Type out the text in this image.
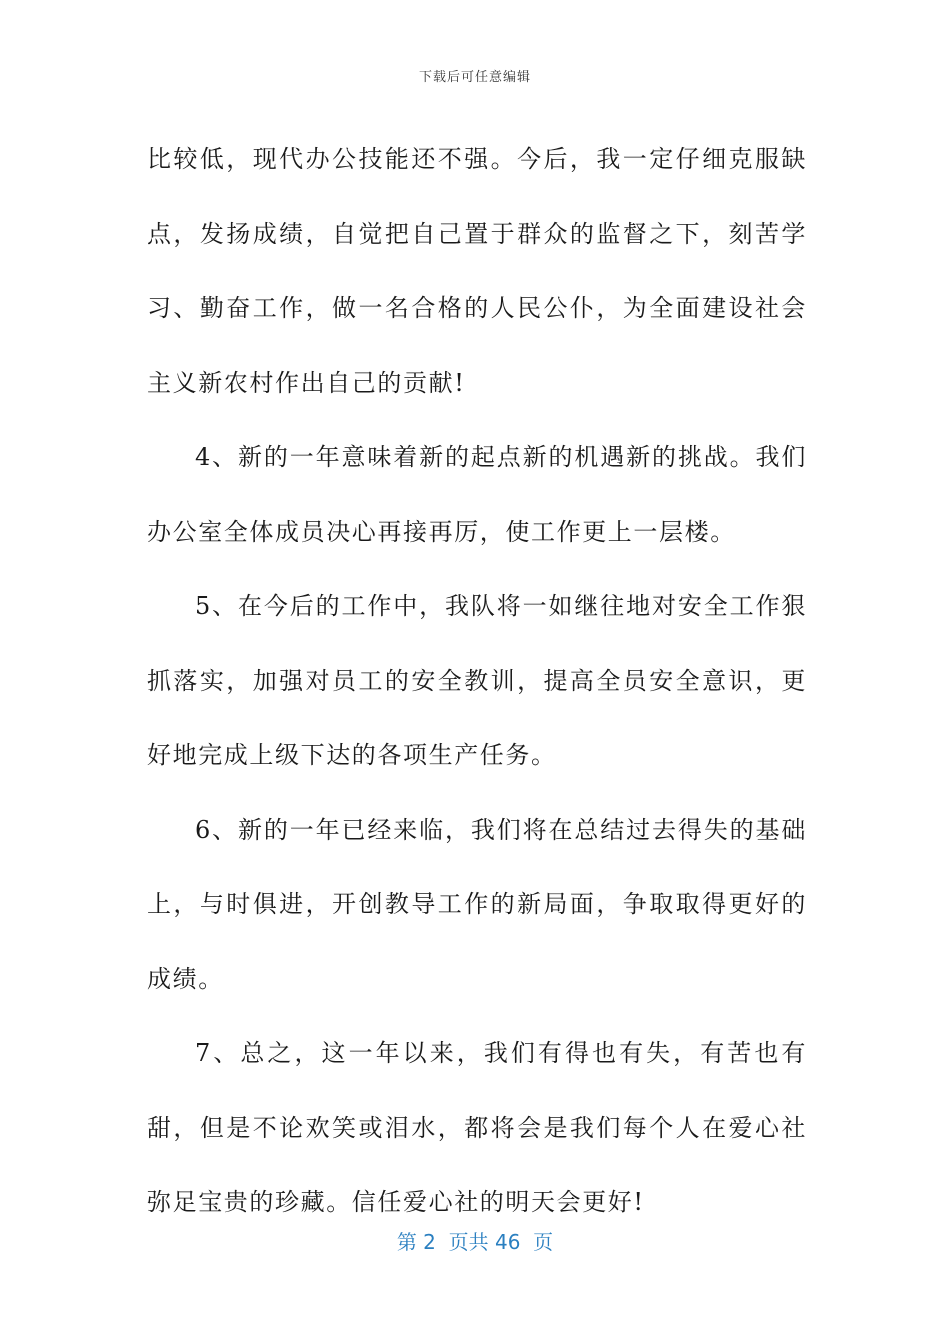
下载后可任意编辑

比较低，现代办公技能还不强。今后，我一定仔细克服缺点，发扬成绩，自觉把自己置于群众的监督之下，刻苦学习、勤奋工作，做一名合格的人民公仆，为全面建设社会主义新农村作出自己的贡献!

4、新的一年意味着新的起点新的机遇新的挑战。我们办公室全体成员决心再接再厉，使工作更上一层楼。

5、在今后的工作中，我队将一如继往地对安全工作狠抓落实，加强对员工的安全教训，提高全员安全意识，更好地完成上级下达的各项生产任务。

6、新的一年已经来临，我们将在总结过去得失的基础上，与时俱进，开创教导工作的新局面，争取取得更好的成绩。

7、总之，这一年以来，我们有得也有失，有苦也有甜，但是不论欢笑或泪水，都将会是我们每个人在爱心社弥足宝贵的珍藏。信任爱心社的明天会更好!

第 2  页共 46  页
